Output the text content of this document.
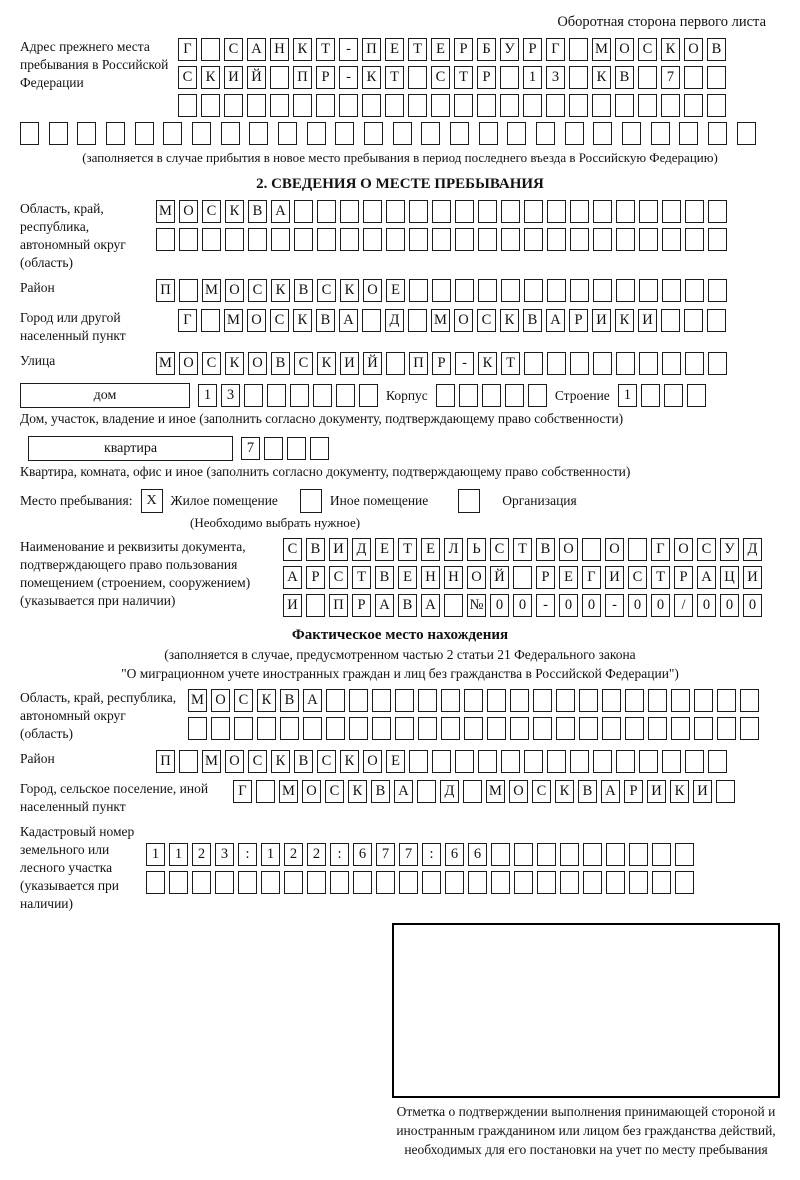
Оборотная сторона первого листа
Адрес прежнего места пребывания в Российской Федерации
Г	С А Н К Т	-	П Е Т Е	Р	Б У Р	Г	М О С К О В
С К И Й П Р	-	К Т	С Т	Р	1	3	К В	7
(заполняется в случае прибытия в новое место пребывания в период последнего въезда в Российскую Федерацию)
2. СВЕДЕНИЯ О МЕСТЕ ПРЕБЫВАНИЯ
Область, край, республика, автономный округ (область)
М О С К В А
Район	П М О С К В С К О Е
Город или другой населенный пункт
Г	М О С К В А	Д	М О С К В А Р И К И
Улица	М О С К О В С К И Й П Р	-	К Т
дом	1	3	Корпус	Строение 1
Дом, участок, владение и иное (заполнить согласно документу, подтверждающему право собственности)
квартира	7
Квартира, комната, офис и иное (заполнить согласно документу, подтверждающему право собственности)
Место пребывания: X	Жилое помещение	Иное помещение	Организация
(Необходимо выбрать нужное)
Наименование и реквизиты документа, подтверждающего право пользования помещением (строением, сооружением) (указывается при наличии)
С В И Д Е Т Е Л Ь С Т В О О	Г О С У Д
А Р С Т В Е Н Н О Й	Р	Е Г И С Т	Р А Ц И
И П Р А В А № 0	0	-	0	0	-	0	0	/	0	0	0
Фактическое место нахождения
(заполняется в случае, предусмотренном частью 2 статьи 21 Федерального закона
"О миграционном учете иностранных граждан и лиц без гражданства в Российской Федерации")
Область, край, республика, автономный округ (область)
М О С К В А
Район	П М О С К В С К О Е
Город, сельское поселение, иной населенный пункт
Г	М О С К В А	Д	М О С К В А Р И К И
Кадастровый номер земельного или лесного участка (указывается при наличии)
1	1	2	3	:	1	2	2	:	6	7	7	:	6	6
Отметка о подтверждении выполнения принимающей стороной и иностранным гражданином или лицом без гражданства действий, необходимых для его постановки на учет по месту пребывания
